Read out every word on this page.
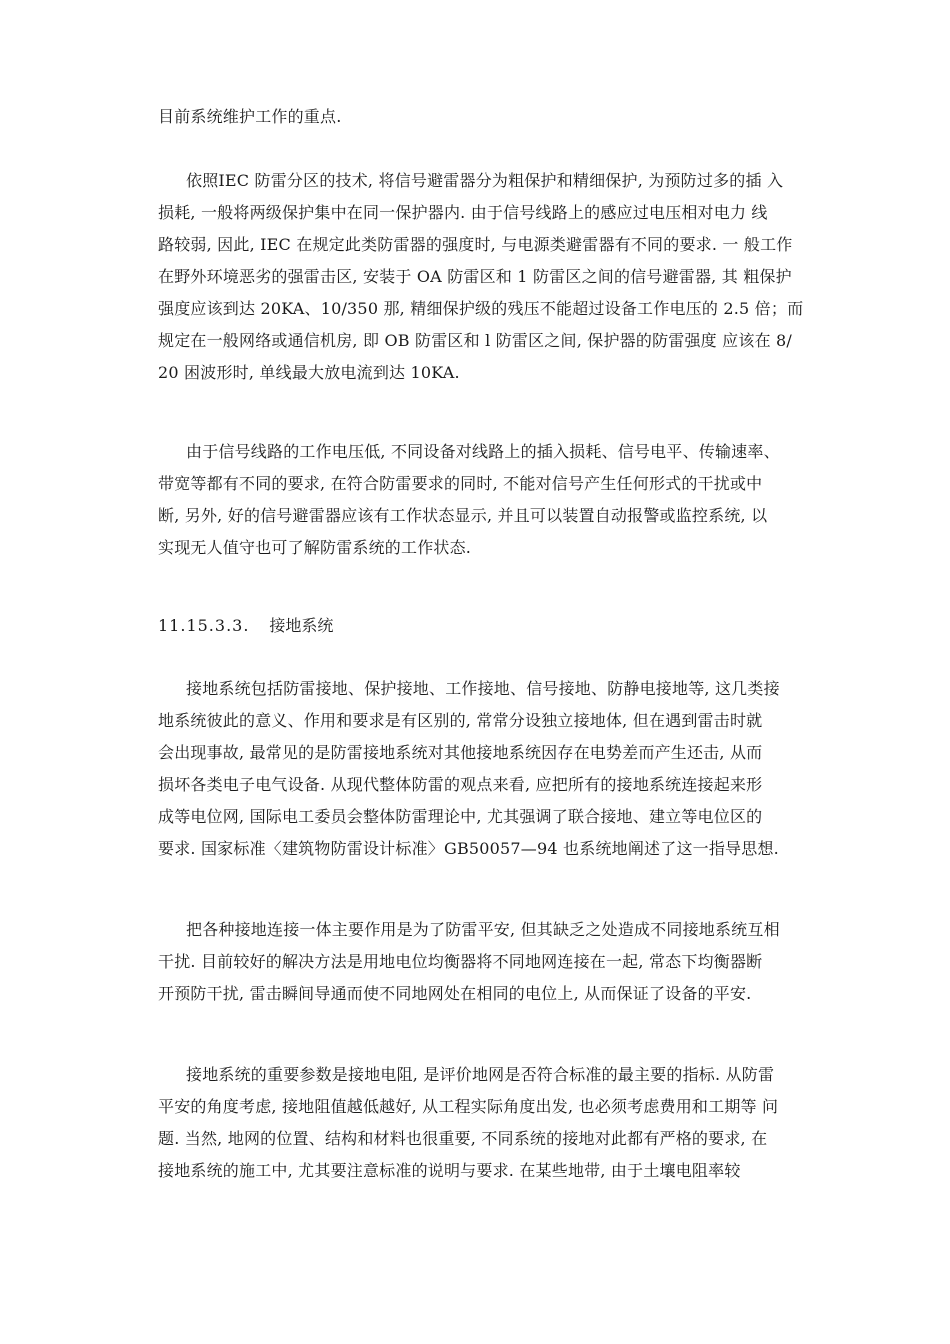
目前系统维护工作的重点.
依照IEC 防雷分区的技术, 将信号避雷器分为粗保护和精细保护, 为预防过多的插 入
损耗, 一般将两级保护集中在同一保护器内. 由于信号线路上的感应过电压相对电力 线
路较弱, 因此, IEC 在规定此类防雷器的强度时, 与电源类避雷器有不同的要求. 一 般工作
在野外环境恶劣的强雷击区, 安装于 OA 防雷区和 1 防雷区之间的信号避雷器, 其 粗保护
强度应该到达 20KA、10/350 那, 精细保护级的残压不能超过设备工作电压的 2.5 倍；而
规定在一般网络或通信机房, 即 OB 防雷区和 l 防雷区之间, 保护器的防雷强度 应该在 8/
20 困波形时, 单线最大放电流到达 10KA.
由于信号线路的工作电压低, 不同设备对线路上的插入损耗、信号电平、传输速率、
带宽等都有不同的要求, 在符合防雷要求的同时, 不能对信号产生任何形式的干扰或中
断, 另外, 好的信号避雷器应该有工作状态显示, 并且可以装置自动报警或监控系统, 以
实现无人值守也可了解防雷系统的工作状态.
11.15.3.3. 接地系统
接地系统包括防雷接地、保护接地、工作接地、信号接地、防静电接地等, 这几类接
地系统彼此的意义、作用和要求是有区别的, 常常分设独立接地体, 但在遇到雷击时就
会出现事故, 最常见的是防雷接地系统对其他接地系统因存在电势差而产生还击, 从而
损坏各类电子电气设备. 从现代整体防雷的观点来看, 应把所有的接地系统连接起来形
成等电位网, 国际电工委员会整体防雷理论中, 尤其强调了联合接地、建立等电位区的
要求. 国家标准〈建筑物防雷设计标准〉GB50057—94 也系统地阐述了这一指导思想.
把各种接地连接一体主要作用是为了防雷平安, 但其缺乏之处造成不同接地系统互相
干扰. 目前较好的解决方法是用地电位均衡器将不同地网连接在一起, 常态下均衡器断
开预防干扰, 雷击瞬间导通而使不同地网处在相同的电位上, 从而保证了设备的平安.
接地系统的重要参数是接地电阻, 是评价地网是否符合标准的最主要的指标. 从防雷
平安的角度考虑, 接地阻值越低越好, 从工程实际角度出发, 也必须考虑费用和工期等 问
题. 当然, 地网的位置、结构和材料也很重要, 不同系统的接地对此都有严格的要求, 在
接地系统的施工中, 尤其要注意标准的说明与要求. 在某些地带, 由于土壤电阻率较
